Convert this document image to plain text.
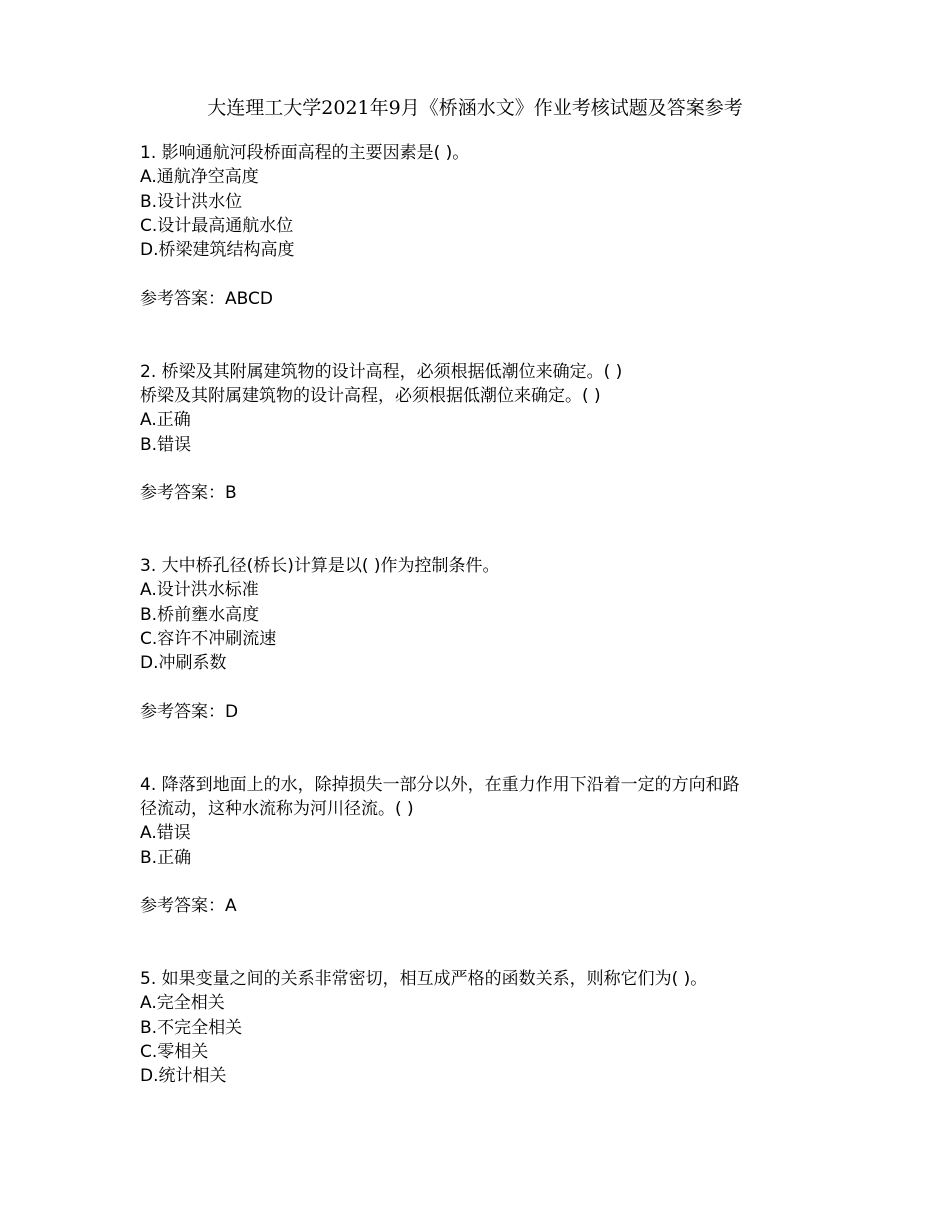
大连理工大学2021年9月《桥涵水文》作业考核试题及答案参考
1. 影响通航河段桥面高程的主要因素是( )。
A.通航净空高度
B.设计洪水位
C.设计最高通航水位
D.桥梁建筑结构高度
参考答案：ABCD
2. 桥梁及其附属建筑物的设计高程，必须根据低潮位来确定。( )
桥梁及其附属建筑物的设计高程，必须根据低潮位来确定。( )
A.正确
B.错误
参考答案：B
3. 大中桥孔径(桥长)计算是以( )作为控制条件。
A.设计洪水标准
B.桥前壅水高度
C.容许不冲刷流速
D.冲刷系数
参考答案：D
4. 降落到地面上的水，除掉损失一部分以外，在重力作用下沿着一定的方向和路
径流动，这种水流称为河川径流。( )
A.错误
B.正确
参考答案：A
5. 如果变量之间的关系非常密切，相互成严格的函数关系，则称它们为( )。
A.完全相关
B.不完全相关
C.零相关
D.统计相关
